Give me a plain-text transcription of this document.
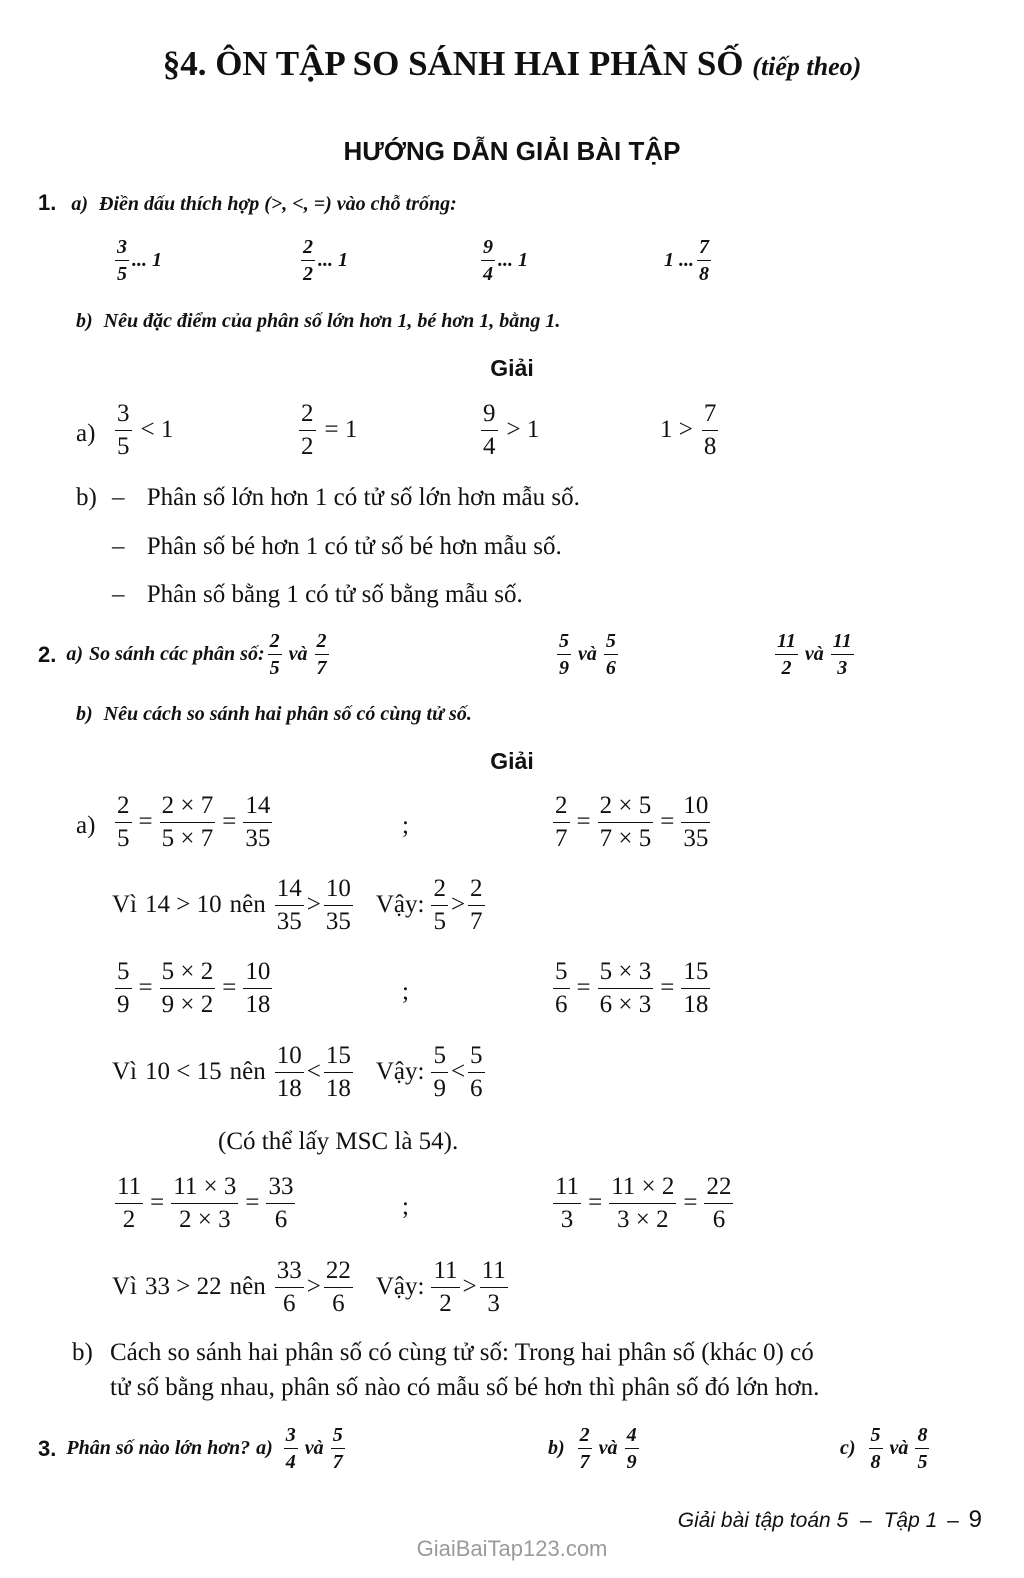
§4. ÔN TẬP SO SÁNH HAI PHÂN SỐ (tiếp theo)
HƯỚNG DẪN GIẢI BÀI TẬP
1. a) Điền dấu thích hợp (>, <, =) vào chỗ trống:
$\frac{3}{5}$ ... 1	$\frac{2}{2}$ ... 1	$\frac{9}{4}$ ... 1	1 ... $\frac{7}{8}$
b) Nêu đặc điểm của phân số lớn hơn 1, bé hơn 1, bằng 1.
Giải
$a) \frac{3}{5} < 1$	$\frac{2}{2} = 1$	$\frac{9}{4} > 1$	$1 > \frac{7}{8}$
b) – Phân số lớn hơn 1 có tử số lớn hơn mẫu số.
– Phân số bé hơn 1 có tử số bé hơn mẫu số.
– Phân số bằng 1 có tử số bằng mẫu số.
2. a) So sánh các phân số: $\frac{2}{5}$ và $\frac{2}{7}$	$\frac{5}{9}$ và $\frac{5}{6}$	$\frac{11}{2}$ và $\frac{11}{3}$
b) Nêu cách so sánh hai phân số có cùng tử số.
Giải
$a) \frac{2}{5} = \frac{2 \times 7}{5 \times 7} = \frac{14}{35}$	;	$\frac{2}{7} = \frac{2 \times 5}{7 \times 5} = \frac{10}{35}$
Vì 14 > 10 nên $\frac{14}{35} > \frac{10}{35}$ Vậy: $\frac{2}{5} > \frac{2}{7}$
$\frac{5}{9} = \frac{5 \times 2}{9 \times 2} = \frac{10}{18}$	;	$\frac{5}{6} = \frac{5 \times 3}{6 \times 3} = \frac{15}{18}$
Vì 10 < 15 nên $\frac{10}{18} < \frac{15}{18}$ Vậy: $\frac{5}{9} < \frac{5}{6}$
(Có thể lấy MSC là 54).
$\frac{11}{2} = \frac{11 \times 3}{2 \times 3} = \frac{33}{6}$	;	$\frac{11}{3} = \frac{11 \times 2}{3 \times 2} = \frac{22}{6}$
Vì 33 > 22 nên $\frac{33}{6} > \frac{22}{6}$ Vậy: $\frac{11}{2} > \frac{11}{3}$
b) Cách so sánh hai phân số có cùng tử số: Trong hai phân số (khác 0) có
tử số bằng nhau, phân số nào có mẫu số bé hơn thì phân số đó lớn hơn.
3. Phân số nào lớn hơn? $a) \frac{3}{4}$ và $\frac{5}{7}$	$b) \frac{2}{7}$ và $\frac{4}{9}$	$c) \frac{5}{8}$ và $\frac{8}{5}$
Giải bài tập toán 5 – Tập 1 – 9
GiaiBaiTap123.com
